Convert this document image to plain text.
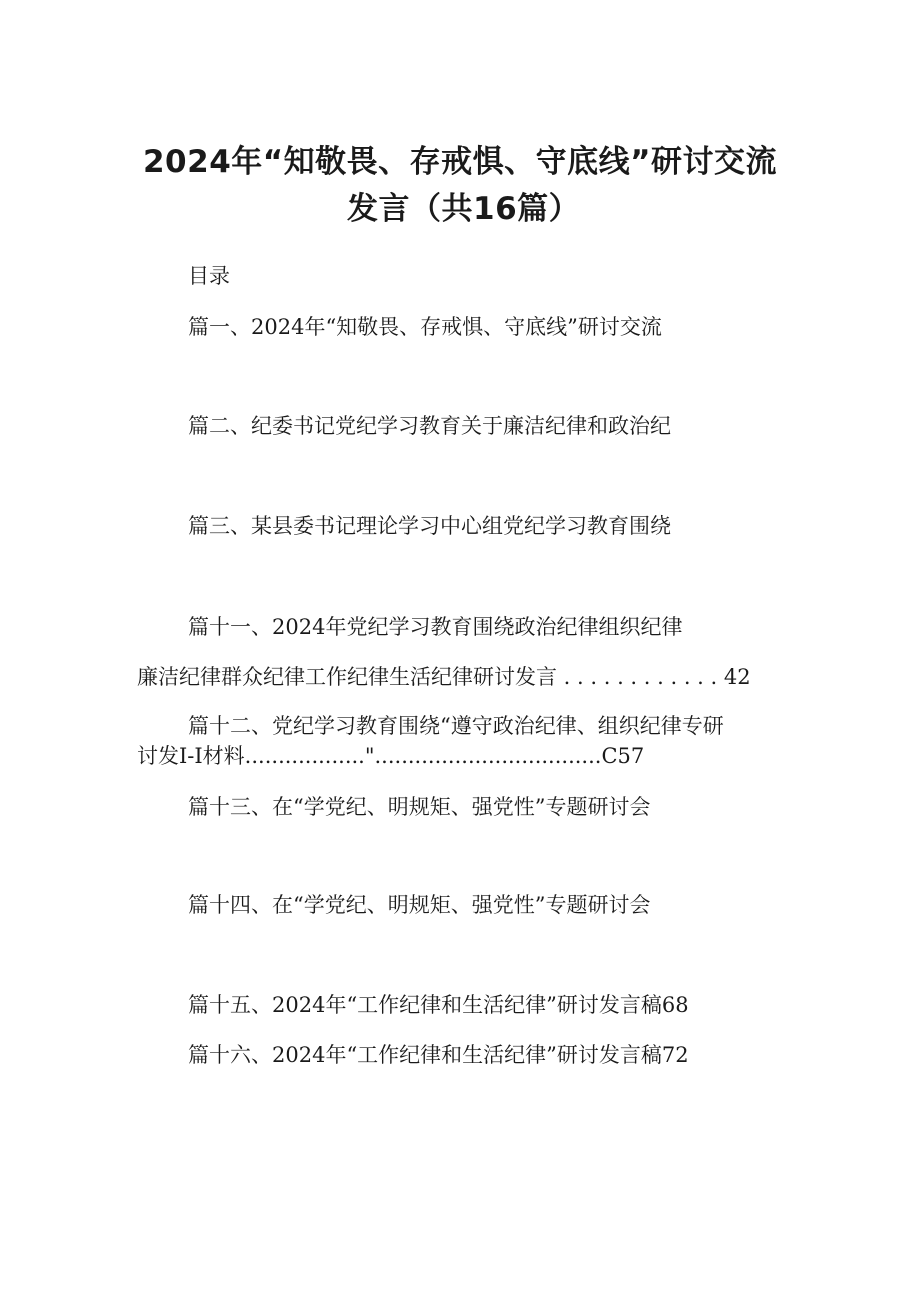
2024年“知敬畏、存戒惧、守底线”研讨交流
发言（共16篇）
目录
篇一、2024年“知敬畏、存戒惧、守底线”研讨交流
篇二、纪委书记党纪学习教育关于廉洁纪律和政治纪
篇三、某县委书记理论学习中心组党纪学习教育围绕
篇十一、2024年党纪学习教育围绕政治纪律组织纪律
廉洁纪律群众纪律工作纪律生活纪律研讨发言 . . . . . . . . . . . . 42
篇十二、党纪学习教育围绕“遵守政治纪律、组织纪律专研
讨发I-I材料.................."..................................C57
篇十三、在“学党纪、明规矩、强党性”专题研讨会
篇十四、在“学党纪、明规矩、强党性”专题研讨会
篇十五、2024年“工作纪律和生活纪律”研讨发言稿68
篇十六、2024年“工作纪律和生活纪律”研讨发言稿72
